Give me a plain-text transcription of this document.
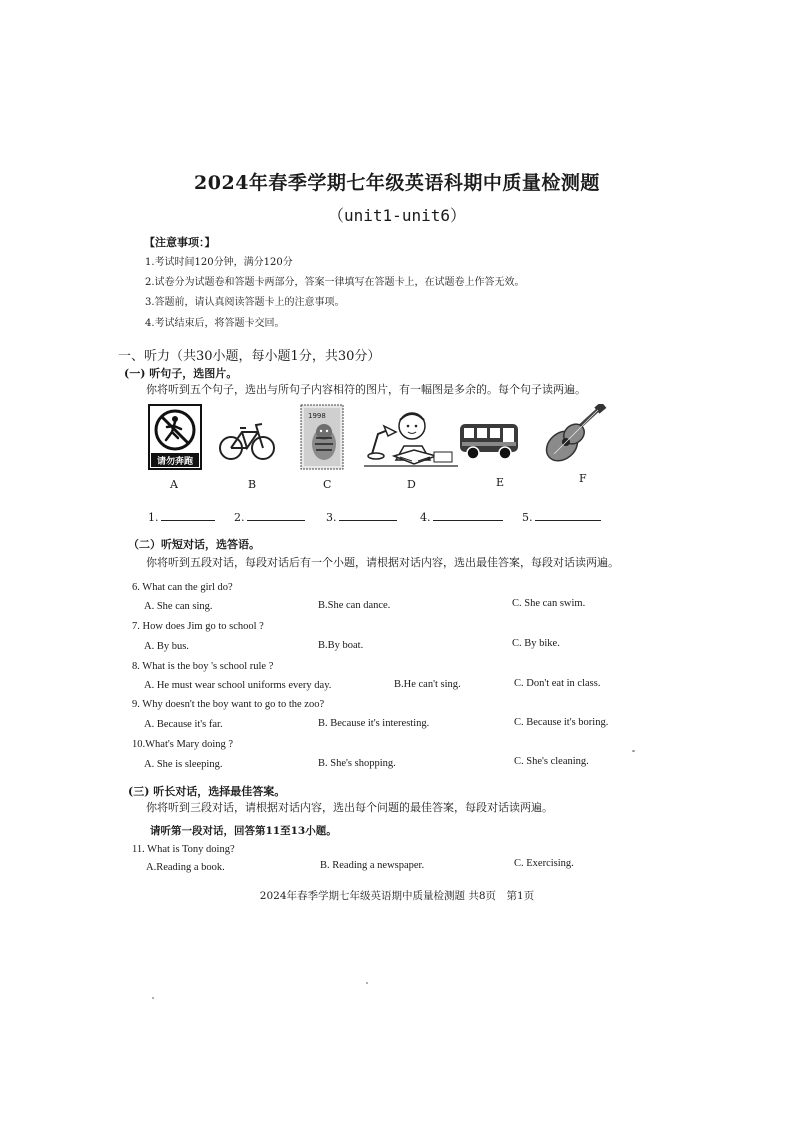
2024年春季学期七年级英语科期中质量检测题
（unit1-unit6）
【注意事项：】
1.考试时间120分钟，满分120分
2.试卷分为试题卷和答题卡两部分，答案一律填写在答题卡上，在试题卷上作答无效。
3.答题前，请认真阅读答题卡上的注意事项。
4.考试结束后，将答题卡交回。
一、听力（共30小题，每小题1分，共30分）
(一) 听句子，选图片。
你将听到五个句子，选出与所句子内容相符的图片，有一幅图是多余的。每个句子读两遍。
请勿奔跑
1998
A	B	C	D	E	F
1.	2.	3.	4.	5.
（二）听短对话，选答语。
你将听到五段对话，每段对话后有一个小题，请根据对话内容，选出最佳答案，每段对话读两遍。
6. What can the girl do?
A. She can sing.	B.She can dance.	C. She can swim.
7. How does Jim go to school ?
A. By bus.	B.By boat.	C. By bike.
8. What is the boy 's school rule ?
A. He must wear school uniforms every day.	B.He can't sing.	C. Don't eat in class.
9. Why doesn't the boy want to go to the zoo?
A. Because it's far.	B. Because it's interesting.	C. Because it's boring.
10.What's Mary doing ?
A. She is sleeping.	B. She's shopping.	C. She's cleaning.
(三) 听长对话，选择最佳答案。
你将听到三段对话，请根据对话内容，选出每个问题的最佳答案，每段对话读两遍。
请听第一段对话，回答第11至13小题。
11. What is Tony doing?
A.Reading a book.	B. Reading a newspaper.	C. Exercising.
2024年春季学期七年级英语期中质量检测题 共8页　第1页
